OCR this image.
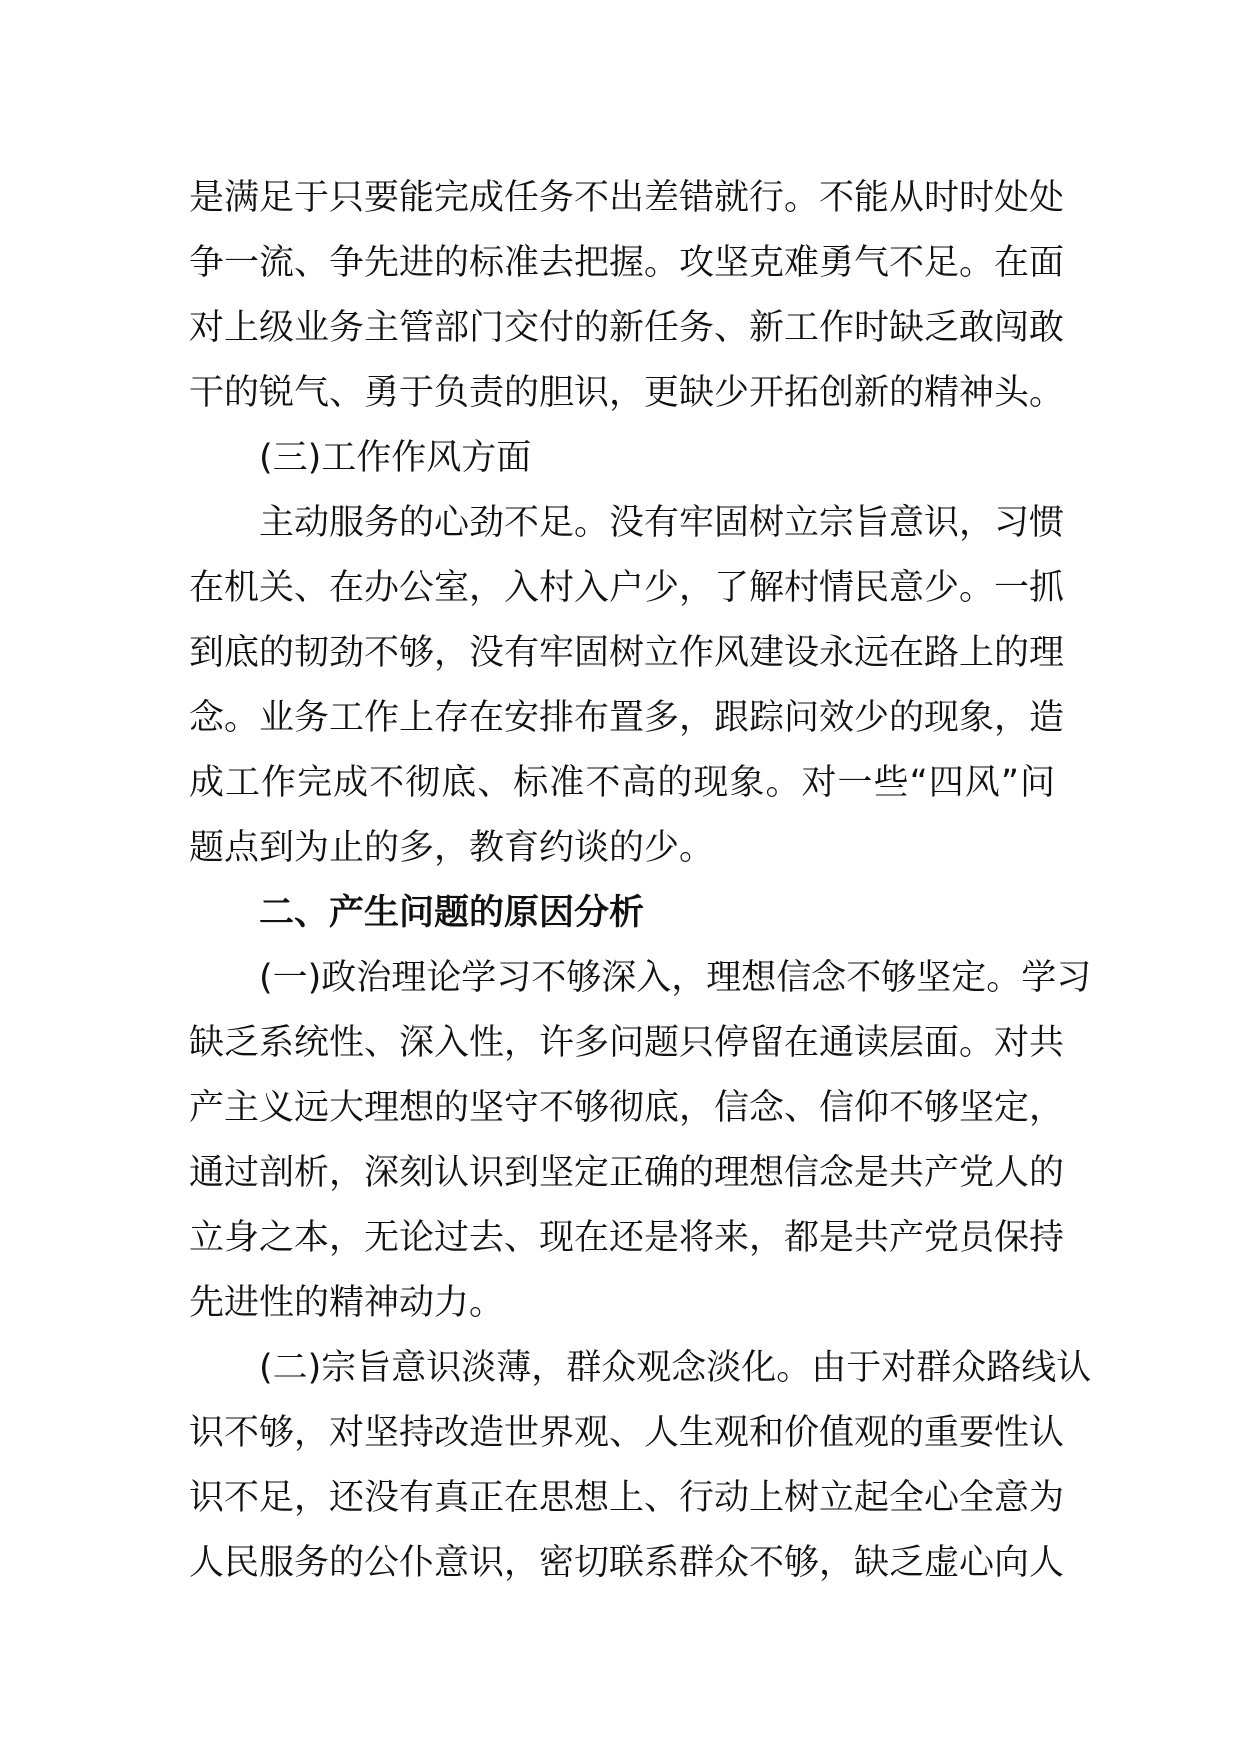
是满足于只要能完成任务不出差错就行。不能从时时处处
争一流、争先进的标准去把握。攻坚克难勇气不足。在面
对上级业务主管部门交付的新任务、新工作时缺乏敢闯敢
干的锐气、勇于负责的胆识，更缺少开拓创新的精神头。
(三)工作作风方面
主动服务的心劲不足。没有牢固树立宗旨意识，习惯
在机关、在办公室，入村入户少，了解村情民意少。一抓
到底的韧劲不够，没有牢固树立作风建设永远在路上的理
念。业务工作上存在安排布置多，跟踪问效少的现象，造
成工作完成不彻底、标准不高的现象。对一些“四风”问
题点到为止的多，教育约谈的少。
二、产生问题的原因分析
(一)政治理论学习不够深入，理想信念不够坚定。学习
缺乏系统性、深入性，许多问题只停留在通读层面。对共
产主义远大理想的坚守不够彻底，信念、信仰不够坚定，
通过剖析，深刻认识到坚定正确的理想信念是共产党人的
立身之本，无论过去、现在还是将来，都是共产党员保持
先进性的精神动力。
(二)宗旨意识淡薄，群众观念淡化。由于对群众路线认
识不够，对坚持改造世界观、人生观和价值观的重要性认
识不足，还没有真正在思想上、行动上树立起全心全意为
人民服务的公仆意识，密切联系群众不够，缺乏虚心向人
